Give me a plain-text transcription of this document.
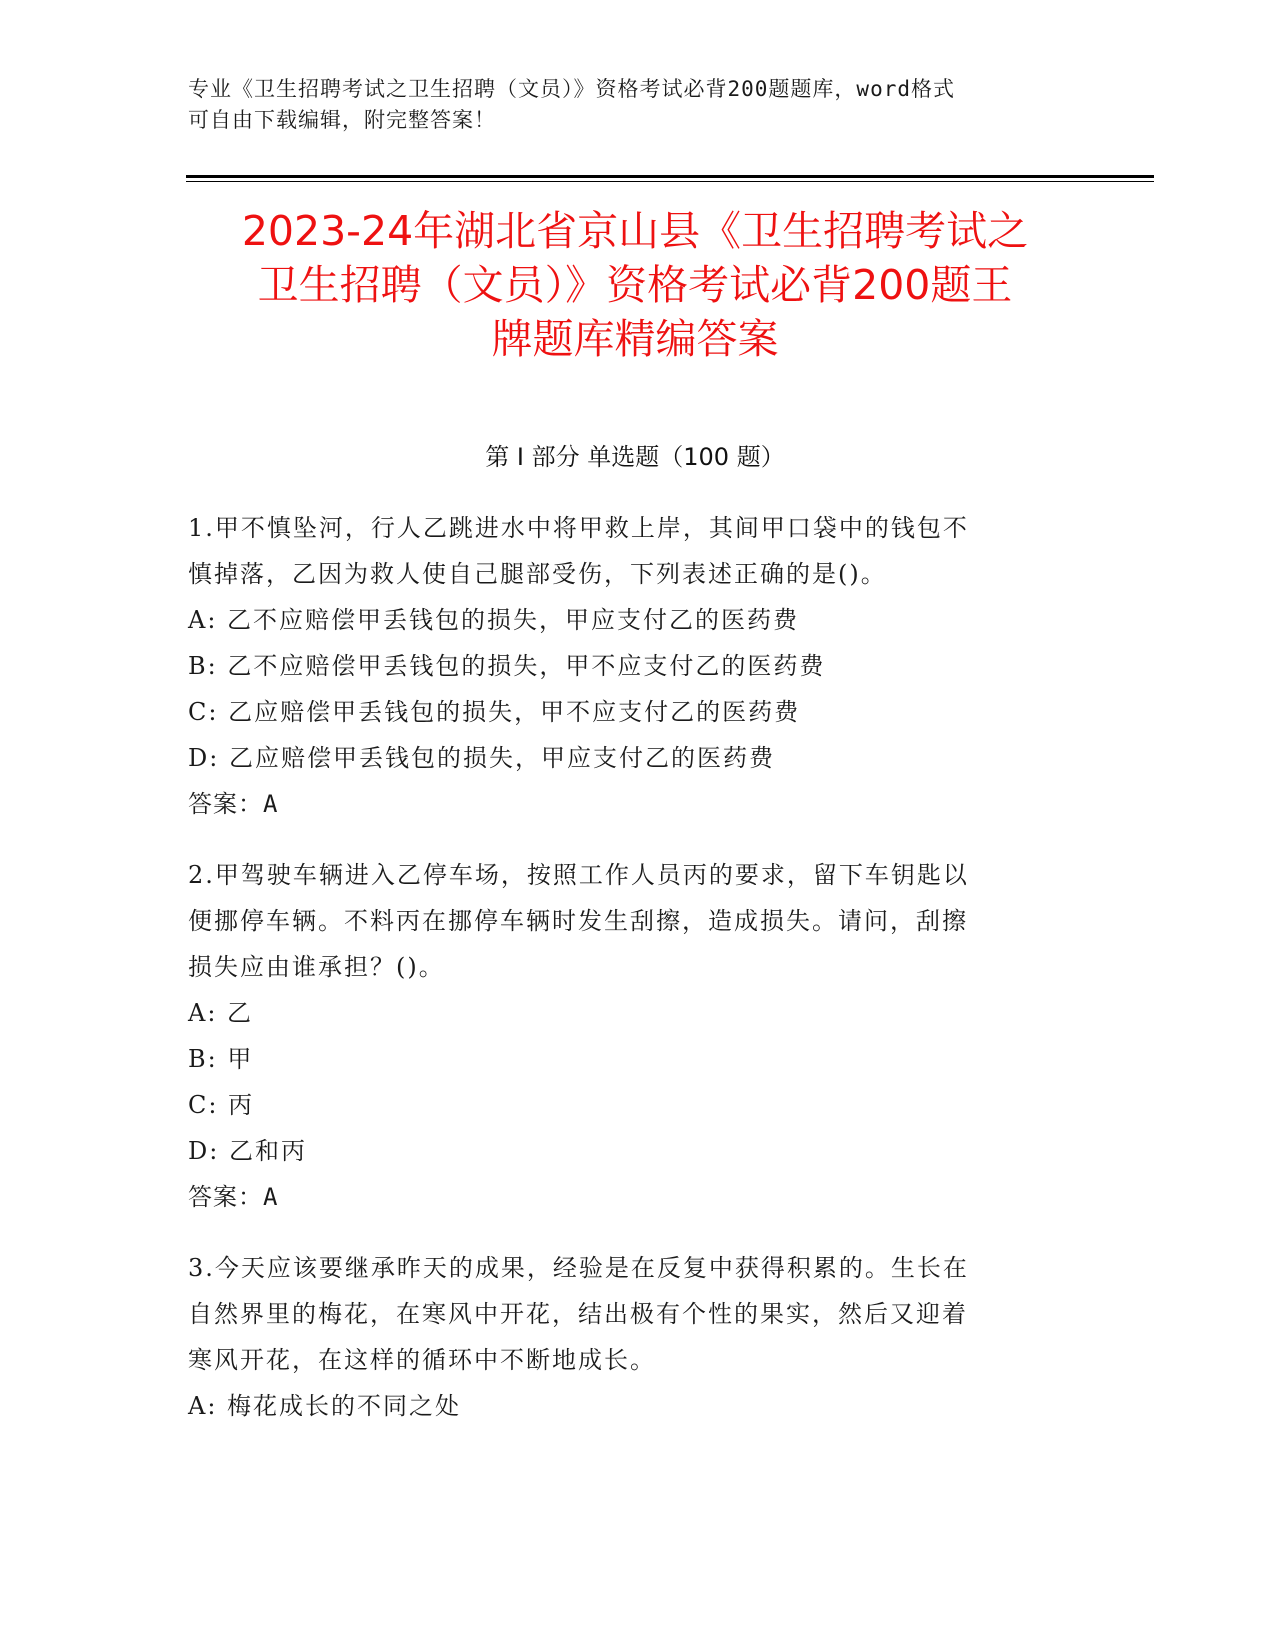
专业《卫生招聘考试之卫生招聘（文员）》资格考试必背200题题库，word格式
可自由下载编辑，附完整答案！
2023-24年湖北省京山县《卫生招聘考试之
卫生招聘（文员）》资格考试必背200题王
牌题库精编答案
第 I 部分 单选题（100 题）
1.甲不慎坠河，行人乙跳进水中将甲救上岸，其间甲口袋中的钱包不
慎掉落，乙因为救人使自己腿部受伤，下列表述正确的是()。
A: 乙不应赔偿甲丢钱包的损失，甲应支付乙的医药费
B: 乙不应赔偿甲丢钱包的损失，甲不应支付乙的医药费
C: 乙应赔偿甲丢钱包的损失，甲不应支付乙的医药费
D: 乙应赔偿甲丢钱包的损失，甲应支付乙的医药费
答案：A
2.甲驾驶车辆进入乙停车场，按照工作人员丙的要求，留下车钥匙以
便挪停车辆。不料丙在挪停车辆时发生刮擦，造成损失。请问，刮擦
损失应由谁承担？()。
A: 乙
B: 甲
C: 丙
D: 乙和丙
答案：A
3.今天应该要继承昨天的成果，经验是在反复中获得积累的。生长在
自然界里的梅花，在寒风中开花，结出极有个性的果实，然后又迎着
寒风开花，在这样的循环中不断地成长。
A: 梅花成长的不同之处
